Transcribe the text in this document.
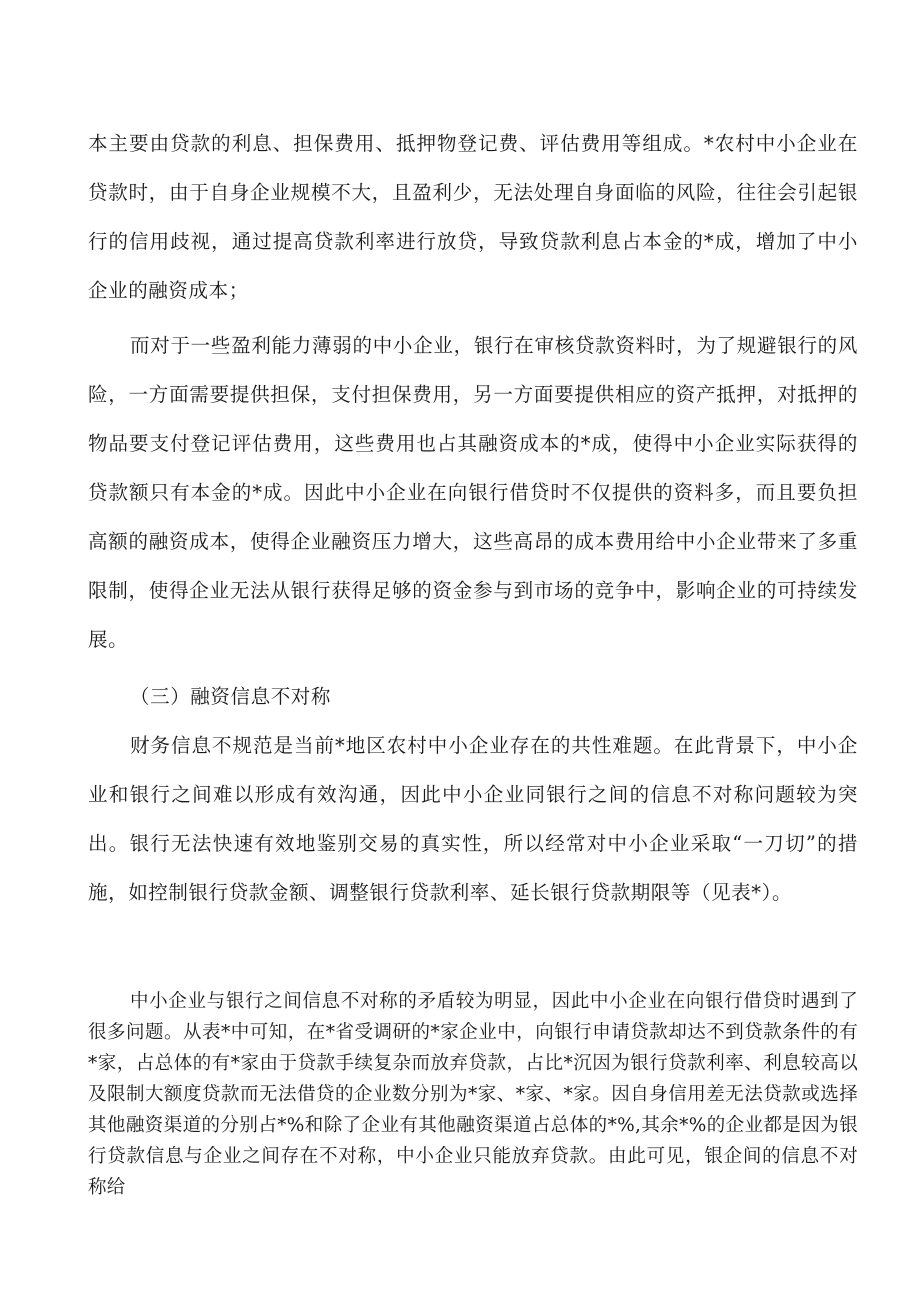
本主要由贷款的利息、担保费用、抵押物登记费、评估费用等组成。*农村中小企业在贷款时，由于自身企业规模不大，且盈利少，无法处理自身面临的风险，往往会引起银行的信用歧视，通过提高贷款利率进行放贷，导致贷款利息占本金的*成，增加了中小企业的融资成本；

而对于一些盈利能力薄弱的中小企业，银行在审核贷款资料时，为了规避银行的风险，一方面需要提供担保，支付担保费用，另一方面要提供相应的资产抵押，对抵押的物品要支付登记评估费用，这些费用也占其融资成本的*成，使得中小企业实际获得的贷款额只有本金的*成。因此中小企业在向银行借贷时不仅提供的资料多，而且要负担高额的融资成本，使得企业融资压力增大，这些高昂的成本费用给中小企业带来了多重限制，使得企业无法从银行获得足够的资金参与到市场的竞争中，影响企业的可持续发展。

（三）融资信息不对称

财务信息不规范是当前*地区农村中小企业存在的共性难题。在此背景下，中小企业和银行之间难以形成有效沟通，因此中小企业同银行之间的信息不对称问题较为突出。银行无法快速有效地鉴别交易的真实性，所以经常对中小企业采取“一刀切”的措施，如控制银行贷款金额、调整银行贷款利率、延长银行贷款期限等（见表*）。

中小企业与银行之间信息不对称的矛盾较为明显，因此中小企业在向银行借贷时遇到了很多问题。从表*中可知，在*省受调研的*家企业中，向银行申请贷款却达不到贷款条件的有*家，占总体的有*家由于贷款手续复杂而放弃贷款，占比*沉因为银行贷款利率、利息较高以及限制大额度贷款而无法借贷的企业数分别为*家、*家、*家。因自身信用差无法贷款或选择其他融资渠道的分别占*%和除了企业有其他融资渠道占总体的*%,其余*%的企业都是因为银行贷款信息与企业之间存在不对称，中小企业只能放弃贷款。由此可见，银企间的信息不对称给
